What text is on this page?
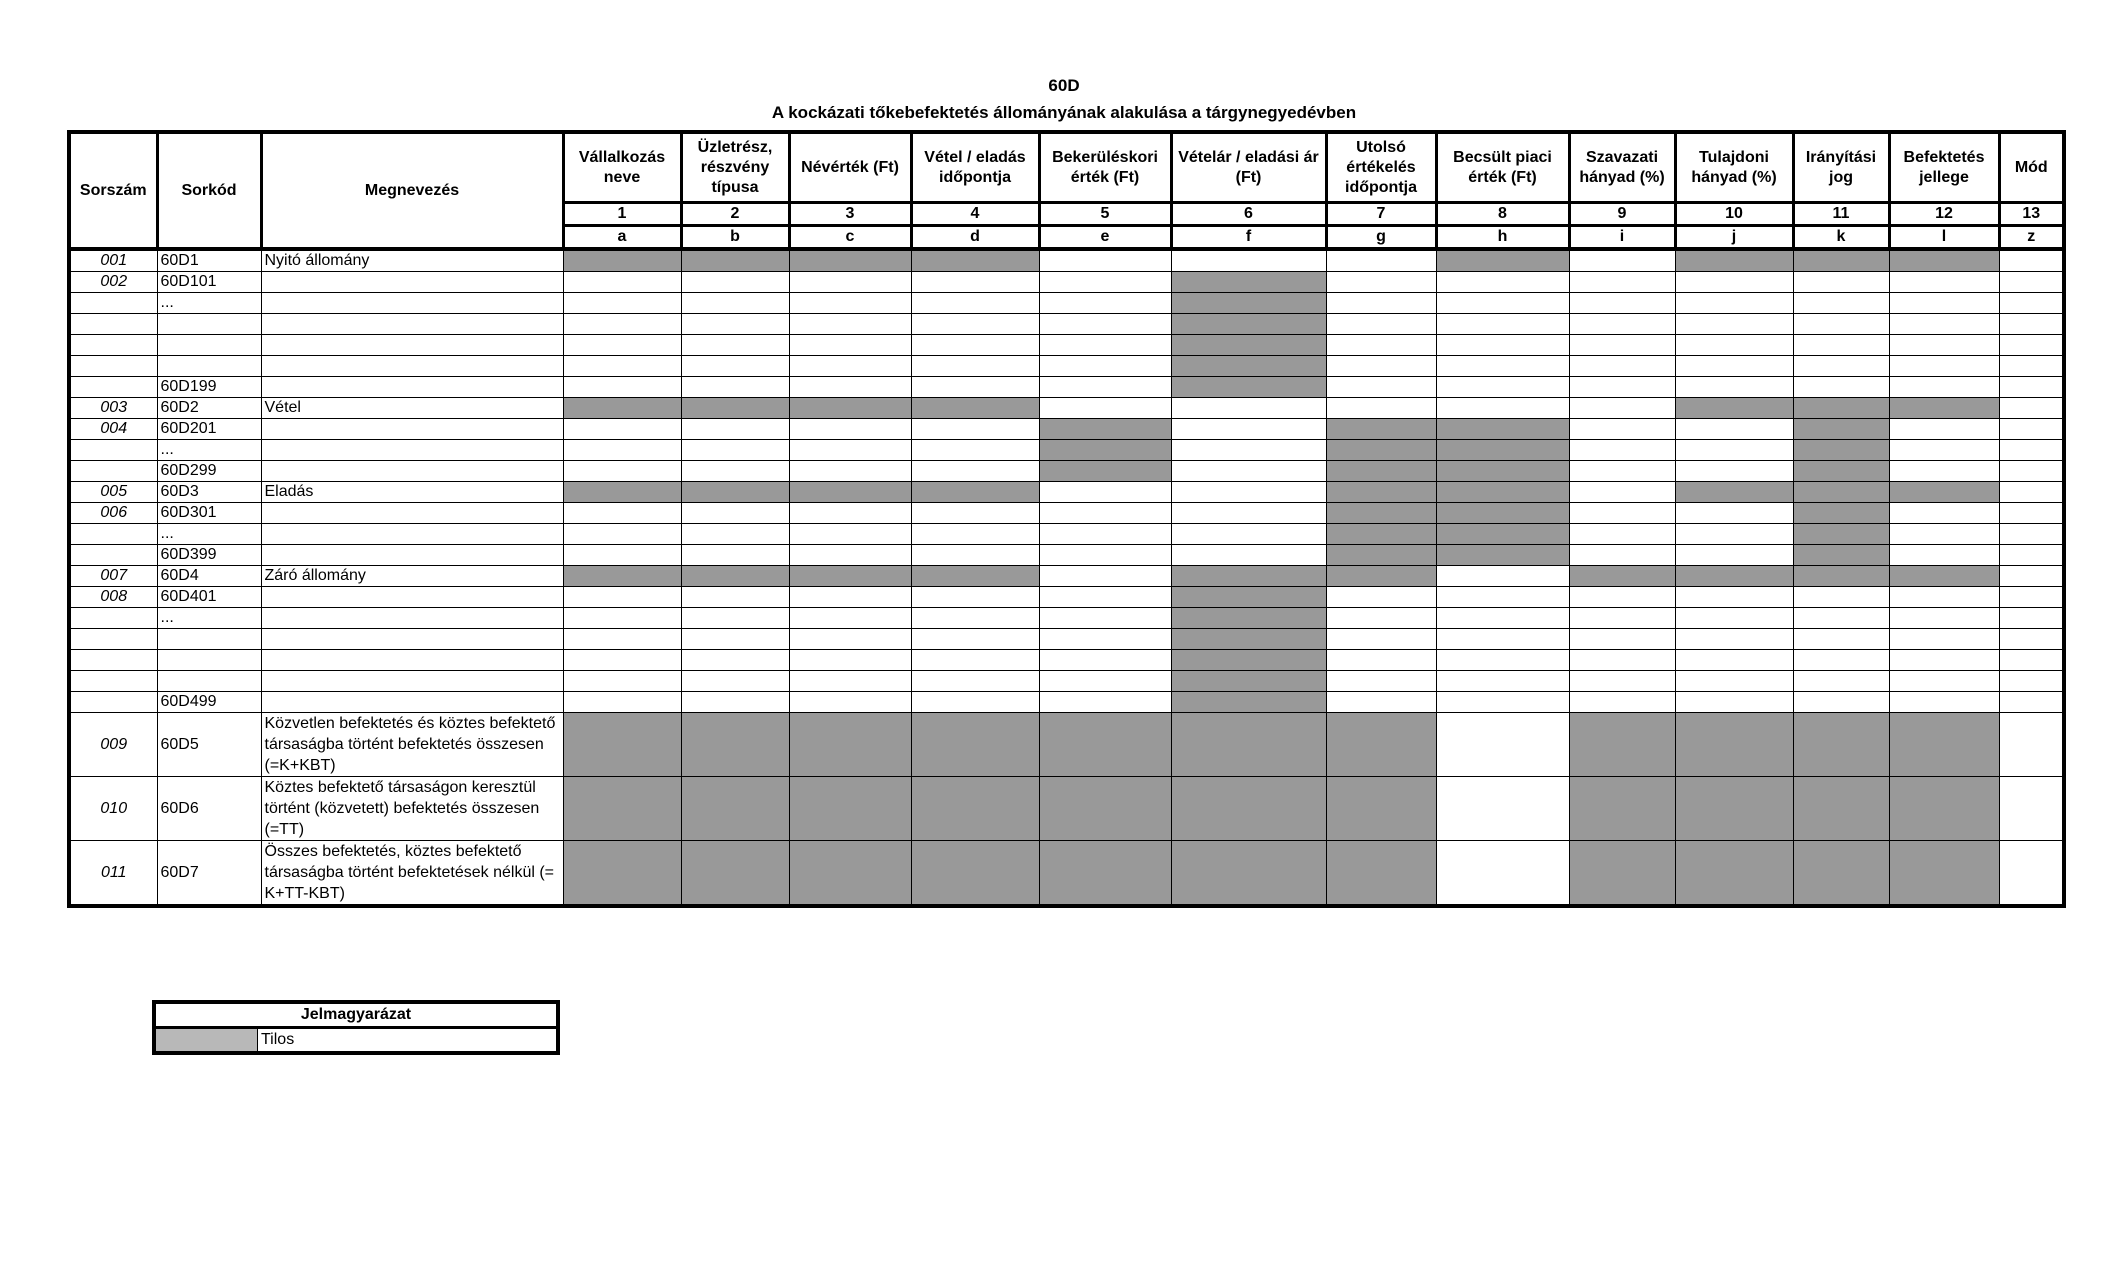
60D
A kockázati tőkebefektetés állományának alakulása a tárgynegyedévben
Sorszám	Sorkód	Megnevezés	Vállalkozás neve	Üzletrész, részvény típusa	Névérték (Ft)	Vétel / eladás időpontja	Bekerüléskori érték (Ft)	Vételár / eladási ár (Ft)	Utolsó értékelés időpontja	Becsült piaci érték (Ft)	Szavazati hányad (%)	Tulajdoni hányad (%)	Irányítási jog	Befektetés jellege	Mód
			1	2	3	4	5	6	7	8	9	10	11	12	13
			a	b	c	d	e	f	g	h	i	j	k	l	z
001	60D1	Nyitó állomány													
002	60D101														
	...														

	60D199														
003	60D2	Vétel													
004	60D201														
	...														
	60D299														
005	60D3	Eladás													
006	60D301														
	...														
	60D399														
007	60D4	Záró állomány													
008	60D401														
	...														

	60D499														
009	60D5	Közvetlen befektetés és köztes befektető társaságba történt befektetés összesen (=K+KBT)													
010	60D6	Köztes befektető társaságon keresztül történt (közvetett) befektetés összesen (=TT)													
011	60D7	Összes befektetés, köztes befektető társaságba történt befektetések nélkül (= K+TT-KBT)													
Jelmagyarázat
	Tilos
